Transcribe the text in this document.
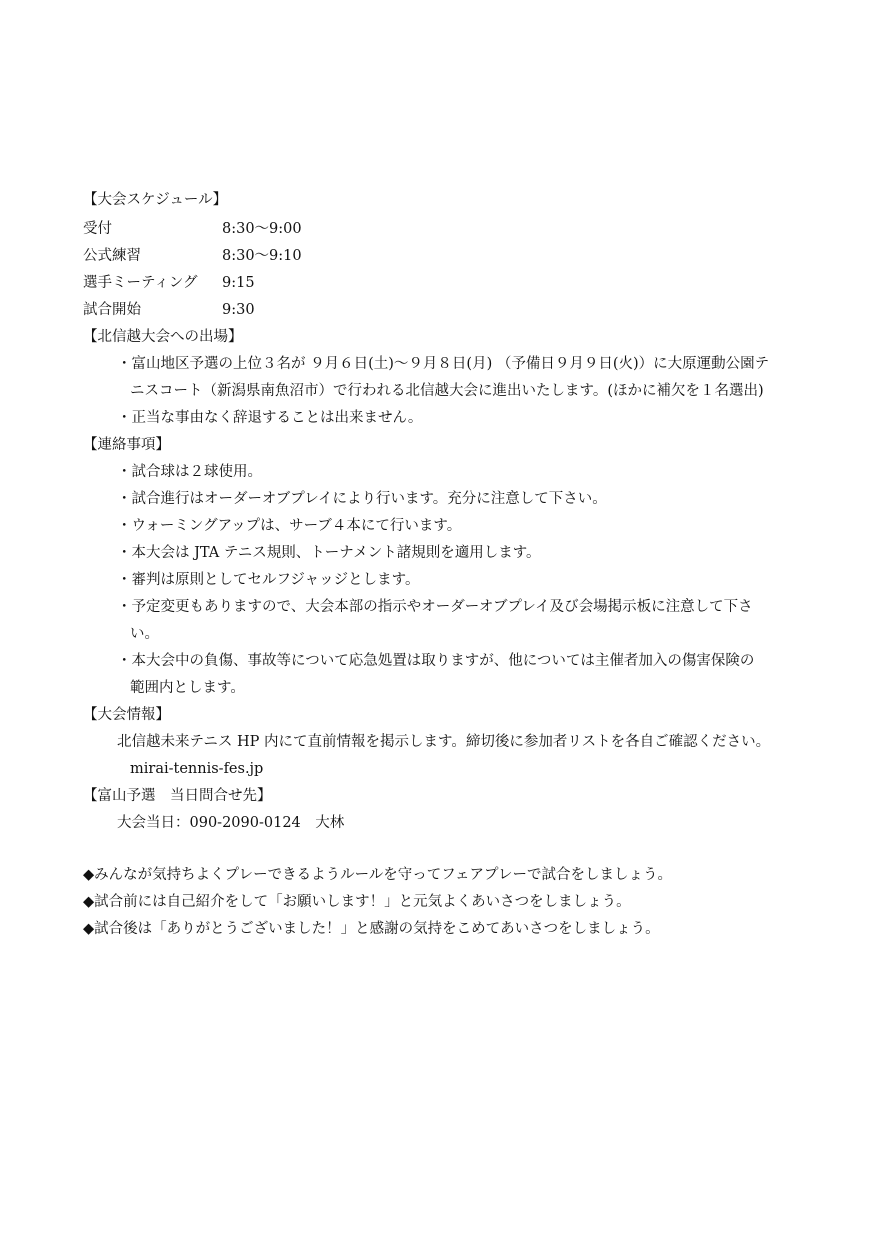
【大会スケジュール】
受付	8:30～9:00
公式練習	8:30～9:10
選手ミーティング 9:15
試合開始	9:30
【北信越大会への出場】
・富山地区予選の上位３名が ９月６日(土)～９月８日(月) （予備日９月９日(火)）に大原運動公園テ
ニスコート（新潟県南魚沼市）で行われる北信越大会に進出いたします。(ほかに補欠を１名選出)
・正当な事由なく辞退することは出来ません。
【連絡事項】
・試合球は２球使用。
・試合進行はオーダーオブプレイにより行います。充分に注意して下さい。
・ウォーミングアップは、サーブ４本にて行います。
・本大会は JTA テニス規則、トーナメント諸規則を適用します。
・審判は原則としてセルフジャッジとします。
・予定変更もありますので、大会本部の指示やオーダーオブプレイ及び会場掲示板に注意して下さ
い。
・本大会中の負傷、事故等について応急処置は取りますが、他については主催者加入の傷害保険の
範囲内とします。
【大会情報】
北信越未来テニス HP 内にて直前情報を掲示します。締切後に参加者リストを各自ご確認ください。
mirai-tennis-fes.jp
【富山予選　当日問合せ先】
大会当日：090-2090-0124　大林
◆みんなが気持ちよくプレーできるようルールを守ってフェアプレーで試合をしましょう。
◆試合前には自己紹介をして「お願いします！」と元気よくあいさつをしましょう。
◆試合後は「ありがとうございました！」と感謝の気持をこめてあいさつをしましょう。
